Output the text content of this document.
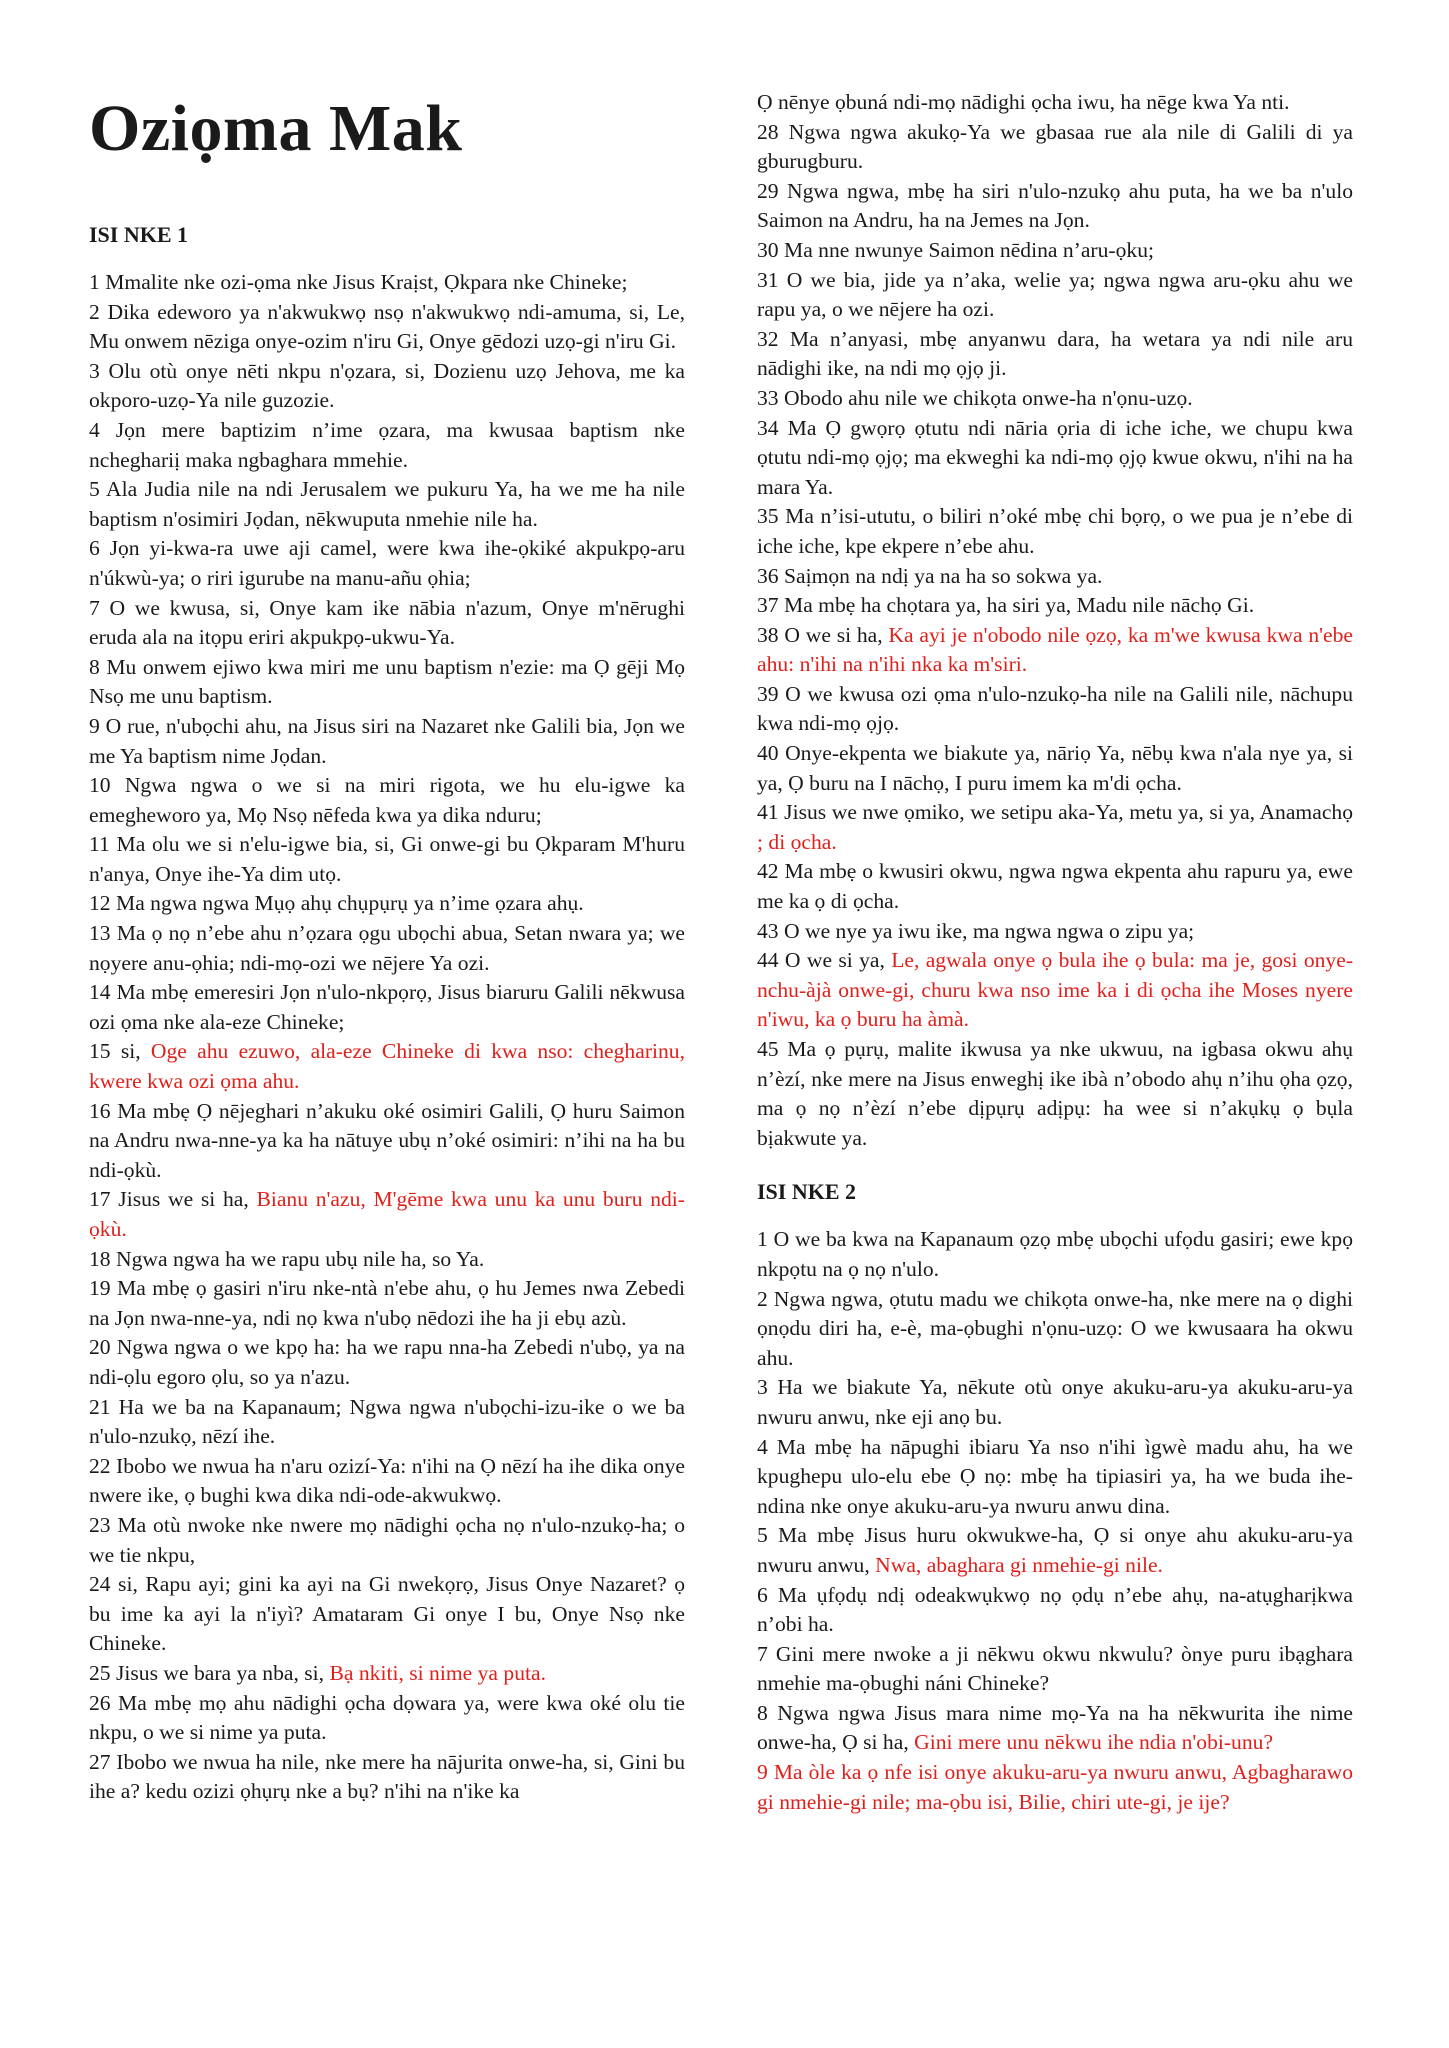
Oziọma Mak
ISI NKE 1

1 Mmalite nke ozi-ọma nke Jisus Kraịst, Ọkpara nke Chineke;

2 Dika edeworo ya n'akwukwọ nsọ n'akwukwọ ndi-amuma, si, Le, Mu onwem nēziga onye-ozim n'iru Gi, Onye gēdozi uzọ-gi n'iru Gi.

3 Olu otù onye nēti nkpu n'ọzara, si, Dozienu uzọ Jehova, me ka okporo-uzọ-Ya nile guzozie.

4 Jọn mere baptizim n’ime ọzara, ma kwusaa baptism nke ncheghariị maka ngbaghara mmehie.

5 Ala Judia nile na ndi Jerusalem we pukuru Ya, ha we me ha nile baptism n'osimiri Jọdan, nēkwuputa nmehie nile ha.

6 Jọn yi-kwa-ra uwe aji camel, were kwa ihe-ọkiké akpukpọ-aru n'úkwù-ya; o riri igurube na manu-añu ọhia;

7 O we kwusa, si, Onye kam ike nābia n'azum, Onye m'nērughi eruda ala na itọpu eriri akpukpọ-ukwu-Ya.

8 Mu onwem ejiwo kwa miri me unu baptism n'ezie: ma Ọ gēji Mọ Nsọ me unu baptism.

9 O rue, n'ubọchi ahu, na Jisus siri na Nazaret nke Galili bia, Jọn we me Ya baptism nime Jọdan.

10 Ngwa ngwa o we si na miri rigota, we hu elu-igwe ka emegheworo ya, Mọ Nsọ nēfeda kwa ya dika nduru;

11 Ma olu we si n'elu-igwe bia, si, Gi onwe-gi bu Ọkparam M'huru n'anya, Onye ihe-Ya dim utọ.

12 Ma ngwa ngwa Mụọ ahụ chụpụrụ ya n’ime ọzara ahụ.

13 Ma ọ nọ n’ebe ahu n’ọzara ọgu ubọchi abua, Setan nwara ya; we nọyere anu-ọhia; ndi-mọ-ozi we nējere Ya ozi.

14 Ma mbẹ emeresiri Jọn n'ulo-nkpọrọ, Jisus biaruru Galili nēkwusa ozi ọma nke ala-eze Chineke;

15 si, Oge ahu ezuwo, ala-eze Chineke di kwa nso: chegharinu, kwere kwa ozi ọma ahu.

16 Ma mbẹ Ọ nējeghari n’akuku oké osimiri Galili, Ọ huru Saimon na Andru nwa-nne-ya ka ha nātuye ubụ n’oké osimiri: n’ihi na ha bu ndi-ọkù.

17 Jisus we si ha, Bianu n'azu, M'gēme kwa unu ka unu buru ndi-ọkù.

18 Ngwa ngwa ha we rapu ubụ nile ha, so Ya.

19 Ma mbẹ ọ gasiri n'iru nke-ntà n'ebe ahu, ọ hu Jemes nwa Zebedi na Jọn nwa-nne-ya, ndi nọ kwa n'ubọ nēdozi ihe ha ji ebụ azù.

20 Ngwa ngwa o we kpọ ha: ha we rapu nna-ha Zebedi n'ubọ, ya na ndi-ọlu egoro ọlu, so ya n'azu.

21 Ha we ba na Kapanaum; Ngwa ngwa n'ubọchi-izu-ike o we ba n'ulo-nzukọ, nēzí ihe.

22 Ibobo we nwua ha n'aru ozizí-Ya: n'ihi na Ọ nēzí ha ihe dika onye nwere ike, ọ bughi kwa dika ndi-ode-akwukwọ.

23 Ma otù nwoke nke nwere mọ nādighi ọcha nọ n'ulo-nzukọ-ha; o we tie nkpu,

24 si, Rapu ayi; gini ka ayi na Gi nwekọrọ, Jisus Onye Nazaret? ọ bu ime ka ayi la n'iyì? Amataram Gi onye I bu, Onye Nsọ nke Chineke.

25 Jisus we bara ya nba, si, Bạ nkiti, si nime ya puta.

26 Ma mbẹ mọ ahu nādighi ọcha dọwara ya, were kwa oké olu tie nkpu, o we si nime ya puta.

27 Ibobo we nwua ha nile, nke mere ha nājurita onwe-ha, si, Gini bu ihe a? kedu ozizi ọhụrụ nke a bụ? n'ihi na n'ike ka

Ọ nēnye ọbuná ndi-mọ nādighi ọcha iwu, ha nēge kwa Ya nti.

28 Ngwa ngwa akukọ-Ya we gbasaa rue ala nile di Galili di ya gburugburu.

29 Ngwa ngwa, mbẹ ha siri n'ulo-nzukọ ahu puta, ha we ba n'ulo Saimon na Andru, ha na Jemes na Jọn.

30 Ma nne nwunye Saimon nēdina n’aru-ọku;

31 O we bia, jide ya n’aka, welie ya; ngwa ngwa aru-ọku ahu we rapu ya, o we nējere ha ozi.

32 Ma n’anyasi, mbẹ anyanwu dara, ha wetara ya ndi nile aru nādighi ike, na ndi mọ ọjọ ji.

33 Obodo ahu nile we chikọta onwe-ha n'ọnu-uzọ.

34 Ma Ọ gwọrọ ọtutu ndi nāria ọria di iche iche, we chupu kwa ọtutu ndi-mọ ọjọ; ma ekweghi ka ndi-mọ ọjọ kwue okwu, n'ihi na ha mara Ya.

35 Ma n’isi-ututu, o biliri n’oké mbẹ chi bọrọ, o we pua je n’ebe di iche iche, kpe ekpere n’ebe ahu.

36 Saịmọn na ndị ya na ha so sokwa ya.

37 Ma mbẹ ha chọtara ya, ha siri ya, Madu nile nāchọ Gi.

38 O we si ha, Ka ayi je n'obodo nile ọzọ, ka m'we kwusa kwa n'ebe ahu: n'ihi na n'ihi nka ka m'siri.

39 O we kwusa ozi ọma n'ulo-nzukọ-ha nile na Galili nile, nāchupu kwa ndi-mọ ọjọ.

40 Onye-ekpenta we biakute ya, nāriọ Ya, nēbụ kwa n'ala nye ya, si ya, Ọ buru na I nāchọ, I puru imem ka m'di ọcha.

41 Jisus we nwe ọmiko, we setipu aka-Ya, metu ya, si ya, Anamachọ ; di ọcha.

42 Ma mbẹ o kwusiri okwu, ngwa ngwa ekpenta ahu rapuru ya, ewe me ka ọ di ọcha.

43 O we nye ya iwu ike, ma ngwa ngwa o zipu ya;

44 O we si ya, Le, agwala onye ọ bula ihe ọ bula: ma je, gosi onye-nchu-àjà onwe-gi, churu kwa nso ime ka i di ọcha ihe Moses nyere n'iwu, ka ọ buru ha àmà.

45 Ma ọ pụrụ, malite ikwusa ya nke ukwuu, na igbasa okwu ahụ n’èzí, nke mere na Jisus enweghị ike ibà n’obodo ahụ n’ihu ọha ọzọ, ma ọ nọ n’èzí n’ebe dịpụrụ adịpụ: ha wee si n’akụkụ ọ bụla bịakwute ya.

ISI NKE 2

1 O we ba kwa na Kapanaum ọzọ mbẹ ubọchi ufọdu gasiri; ewe kpọ nkpọtu na ọ nọ n'ulo.

2 Ngwa ngwa, ọtutu madu we chikọta onwe-ha, nke mere na ọ dighi ọnọdu diri ha, e-è, ma-ọbughi n'ọnu-uzọ: O we kwusaara ha okwu ahu.

3 Ha we biakute Ya, nēkute otù onye akuku-aru-ya akuku-aru-ya nwuru anwu, nke eji anọ bu.

4 Ma mbẹ ha nāpughi ibiaru Ya nso n'ihi ìgwè madu ahu, ha we kpughepu ulo-elu ebe Ọ nọ: mbẹ ha tipiasiri ya, ha we buda ihe-ndina nke onye akuku-aru-ya nwuru anwu dina.

5 Ma mbẹ Jisus huru okwukwe-ha, Ọ si onye ahu akuku-aru-ya nwuru anwu, Nwa, abaghara gi nmehie-gi nile.

6 Ma ụfọdụ ndị odeakwụkwọ nọ ọdụ n’ebe ahụ, na-atụgharịkwa n’obi ha.

7 Gini mere nwoke a ji nēkwu okwu nkwulu? ònye puru ibạghara nmehie ma-ọbughi náni Chineke?

8 Ngwa ngwa Jisus mara nime mọ-Ya na ha nēkwurita ihe nime onwe-ha, Ọ si ha, Gini mere unu nēkwu ihe ndia n'obi-unu?

9 Ma òle ka ọ nfe isi onye akuku-aru-ya nwuru anwu, Agbagharawo gi nmehie-gi nile; ma-ọbu isi, Bilie, chiri ute-gi, je ije?
